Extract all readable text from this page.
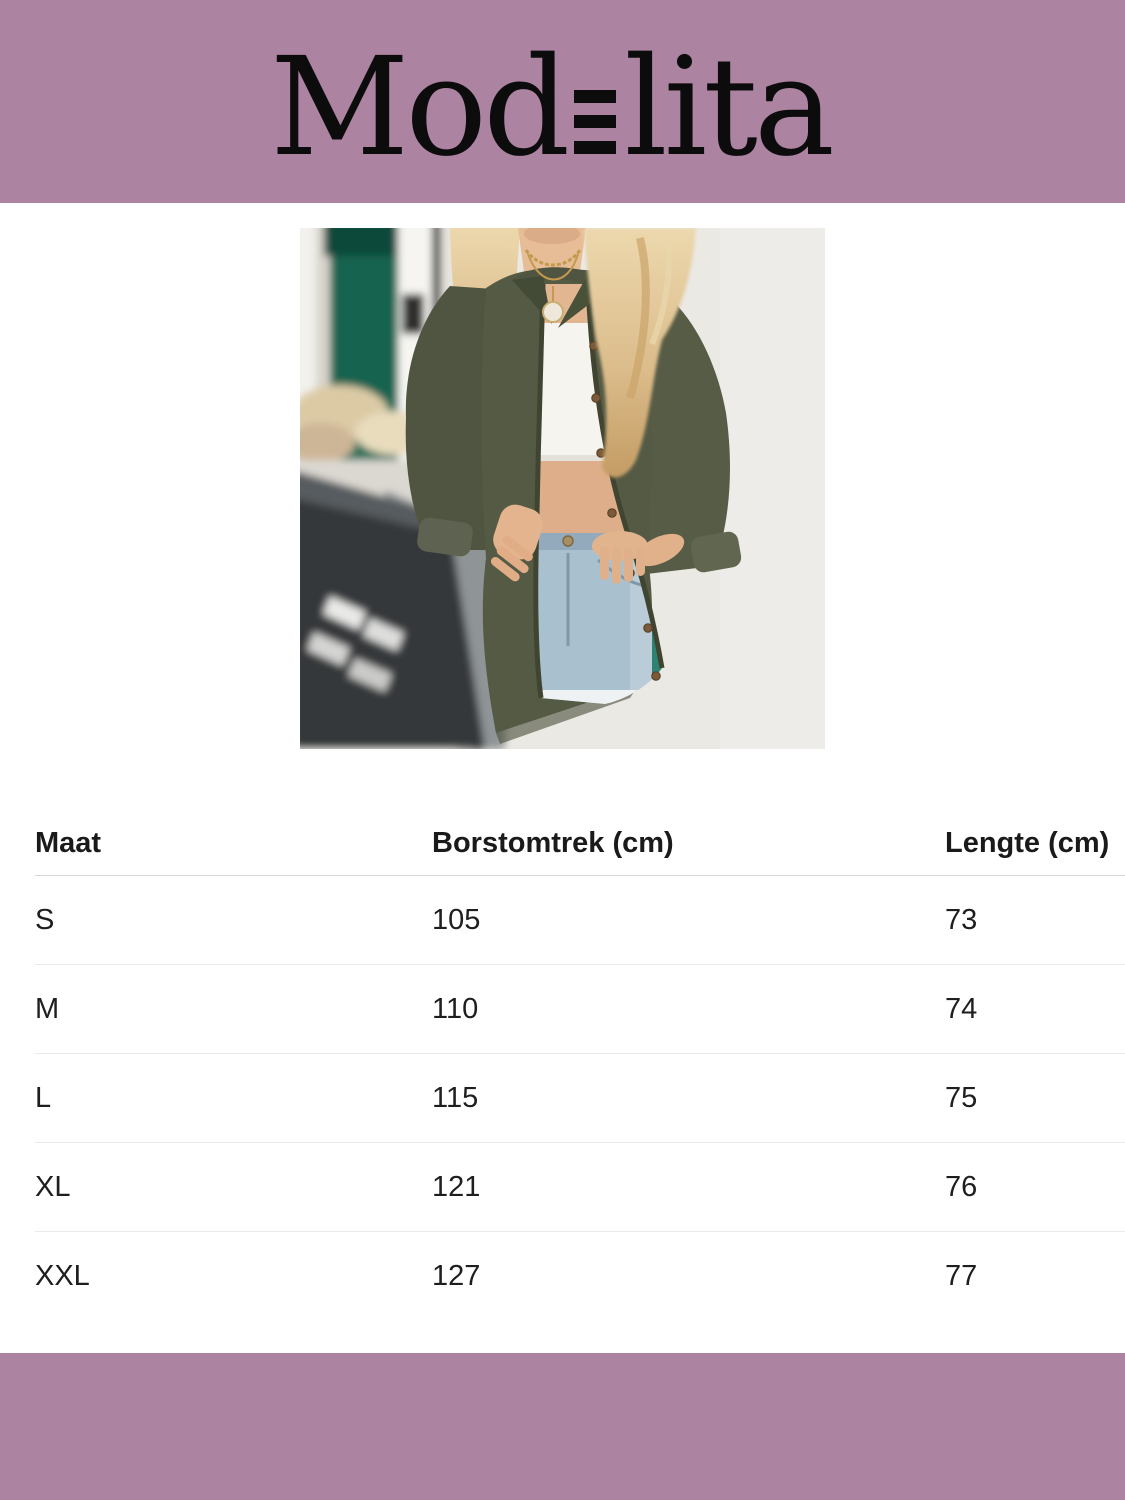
Mod lita
Maat	Borstomtrek (cm)	Lengte (cm)
S	105	73
M	110	74
L	115	75
XL	121	76
XXL	127	77
